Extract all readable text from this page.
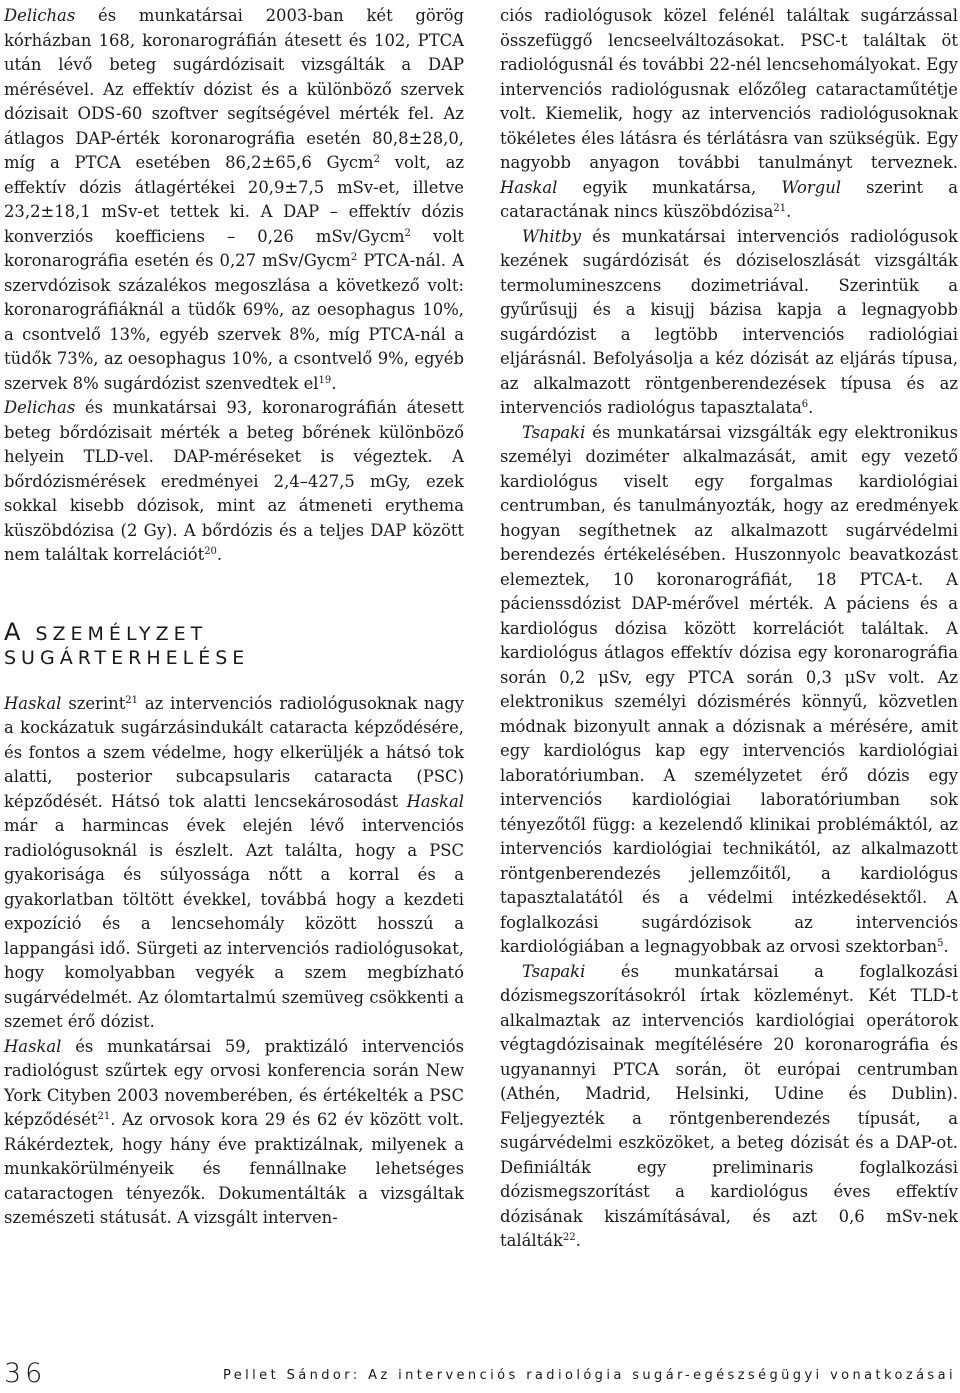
Delichas és munkatársai 2003-ban két görög kórházban 168, koronarográfián átesett és 102, PTCA után lévő beteg sugárdózisait vizsgálták a DAP mérésével. Az effektív dózist és a különböző szervek dózisait ODS-60 szoftver segítségével mérték fel. Az átlagos DAP-érték koronarográfia esetén 80,8±28,0, míg a PTCA esetében 86,2±65,6 Gycm$^2$ volt, az effektív dózis átlagértékei 20,9±7,5 mSv-et, illetve 23,2±18,1 mSv-et tettek ki. A DAP – effektív dózis konverziós koefficiens – 0,26 mSv/Gycm$^2$ volt koronarográfia esetén és 0,27 mSv/Gycm$^2$ PTCA-nál. A szervdózisok százalékos megoszlása a következő volt: koronarográfiáknál a tüdők 69%, az oesophagus 10%, a csontvelő 13%, egyéb szervek 8%, míg PTCA-nál a tüdők 73%, az oesophagus 10%, a csontvelő 9%, egyéb szervek 8% sugárdózist szenvedtek $el^{19}$.

Delichas és munkatársai 93, koronarográfián átesett beteg bőrdózisait mérték a beteg bőrének különböző helyein TLD-vel. DAP-méréseket is végeztek. A bőrdózismérések eredményei 2,4–427,5 mGy, ezek sokkal kisebb dózisok, mint az átmeneti erythema küszöbdózisa (2 Gy). A bőrdózis és a teljes DAP között nem találtak korrelációt$^{20}$.

A SZEMÉLYZET
SUGÁRTERHELÉSE

Haskal szerint$^{21}$ az intervenciós radiológusoknak nagy a kockázatuk sugárzásindukált cataracta képződésére, és fontos a szem védelme, hogy elkerüljék a hátsó tok alatti, posterior subcapsularis cataracta (PSC) képződését. Hátsó tok alatti lencsekárosodást Haskal már a harmincas évek elején lévő intervenciós radiológusoknál is észlelt. Azt találta, hogy a PSC gyakorisága és súlyossága nőtt a korral és a gyakorlatban töltött évekkel, továbbá hogy a kezdeti expozíció és a lencsehomály között hosszú a lappangási idő. Sürgeti az intervenciós radiológusokat, hogy komolyabban vegyék a szem megbízható sugárvédelmét. Az ólomtartalmú szemüveg csökkenti a szemet érő dózist.

Haskal és munkatársai 59, praktizáló intervenciós radiológust szűrtek egy orvosi konferencia során New York Cityben 2003 novemberében, és értékelték a PSC képződését$^{21}$. Az orvosok kora 29 és 62 év között volt. Rákérdeztek, hogy hány éve praktizálnak, milyenek a munkakörülményeik és fennállnake lehetséges cataractogen tényezők. Dokumentálták a vizsgáltak szemészeti státusát. A vizsgált interven-

ciós radiológusok közel felénél találtak sugárzással összefüggő lencseelváltozásokat. PSC-t találtak öt radiológusnál és további 22-nél lencsehomályokat. Egy intervenciós radiológusnak előzőleg cataractaműtétje volt. Kiemelik, hogy az intervenciós radiológusoknak tökéletes éles látásra és térlátásra van szükségük. Egy nagyobb anyagon további tanulmányt terveznek. Haskal egyik munkatársa, Worgul szerint a cataractának nincs küszöbdózisa$^{21}$.

Whitby és munkatársai intervenciós radiológusok kezének sugárdózisát és dóziseloszlását vizsgálták termolumineszcens dozimetriával. Szerintük a gyűrűsujj és a kisujj bázisa kapja a legnagyobb sugárdózist a legtöbb intervenciós radiológiai eljárásnál. Befolyásolja a kéz dózisát az eljárás típusa, az alkalmazott röntgenberendezések típusa és az intervenciós radiológus tapasztalata$^6$.

Tsapaki és munkatársai vizsgálták egy elektronikus személyi doziméter alkalmazását, amit egy vezető kardiológus viselt egy forgalmas kardiológiai centrumban, és tanulmányozták, hogy az eredmények hogyan segíthetnek az alkalmazott sugárvédelmi berendezés értékelésében. Huszonnyolc beavatkozást elemeztek, 10 koronarográfiát, 18 PTCA-t. A pácienssdózist DAP-mérővel mérték. A páciens és a kardiológus dózisa között korrelációt találtak. A kardiológus átlagos effektív dózisa egy koronarográfia során 0,2 μSv, egy PTCA során 0,3 μSv volt. Az elektronikus személyi dózismérés könnyű, közvetlen módnak bizonyult annak a dózisnak a mérésére, amit egy kardiológus kap egy intervenciós kardiológiai laboratóriumban. A személyzetet érő dózis egy intervenciós kardiológiai laboratóriumban sok tényezőtől függ: a kezelendő klinikai problémáktól, az intervenciós kardiológiai technikától, az alkalmazott röntgenberendezés jellemzőitől, a kardiológus tapasztalatától és a védelmi intézkedésektől. A foglalkozási sugárdózisok az intervenciós kardiológiában a legnagyobbak az orvosi szektorban$^5$.

Tsapaki és munkatársai a foglalkozási dózismegszorításokról írtak közleményt. Két TLD-t alkalmaztak az intervenciós kardiológiai operátorok végtagdózisainak megítélésére 20 koronarográfia és ugyanannyi PTCA során, öt európai centrumban (Athén, Madrid, Helsinki, Udine és Dublin). Feljegyezték a röntgenberendezés típusát, a sugárvédelmi eszközöket, a beteg dózisát és a DAP-ot. Definiálták egy preliminaris foglalkozási dózismegszorítást a kardiológus éves effektív dózisának kiszámításával, és azt 0,6 mSv-nek találták$^{22}$.

36	Pellet Sándor: Az intervenciós radiológia sugár-egészségügyi vonatkozásai
